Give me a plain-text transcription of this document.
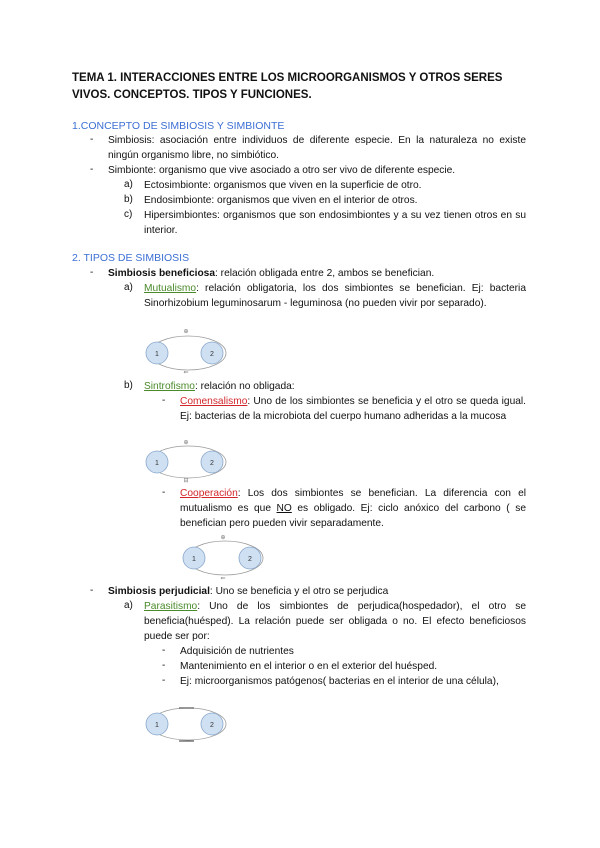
TEMA 1. INTERACCIONES ENTRE LOS MICROORGANISMOS Y OTROS SERES VIVOS. CONCEPTOS. TIPOS Y FUNCIONES.
1.CONCEPTO DE SIMBIOSIS Y SIMBIONTE
- Simbiosis: asociación entre individuos de diferente especie. En la naturaleza no existe ningún organismo libre, no simbiótico.
- Simbionte: organismo que vive asociado a otro ser vivo de diferente especie.
a) Ectosimbionte: organismos que viven en la superficie de otro.
b) Endosimbionte: organismos que viven en el interior de otros.
c) Hipersimbiontes: organismos que son endosimbiontes y a su vez tienen otros en su interior.
2. TIPOS DE SIMBIOSIS
- Simbiosis beneficiosa: relación obligada entre 2, ambos se benefician.
a) Mutualismo: relación obligatoria, los dos simbiontes se benefician. Ej: bacteria Sinorhizobium leguminosarum - leguminosa (no pueden vivir por separado).
1	2
⊕
⇐
b) Sintrofismo: relación no obligada:
- Comensalismo: Uno de los simbiontes se beneficia y el otro se queda igual. Ej: bacterias de la microbiota del cuerpo humano adheridas a la mucosa
1	2
⊕
⊟
- Cooperación: Los dos simbiontes se benefician. La diferencia con el mutualismo es que NO es obligado. Ej: ciclo anóxico del carbono ( se benefician pero pueden vivir separadamente.
1	2
⊕
⇐
- Simbiosis perjudicial: Uno se beneficia y el otro se perjudica
a) Parasitismo: Uno de los simbiontes de perjudica(hospedador), el otro se beneficia(huésped). La relación puede ser obligada o no. El efecto beneficiosos puede ser por:
- Adquisición de nutrientes
- Mantenimiento en el interior o en el exterior del huésped.
- Ej: microorganismos patógenos( bacterias en el interior de una célula),
1	2
